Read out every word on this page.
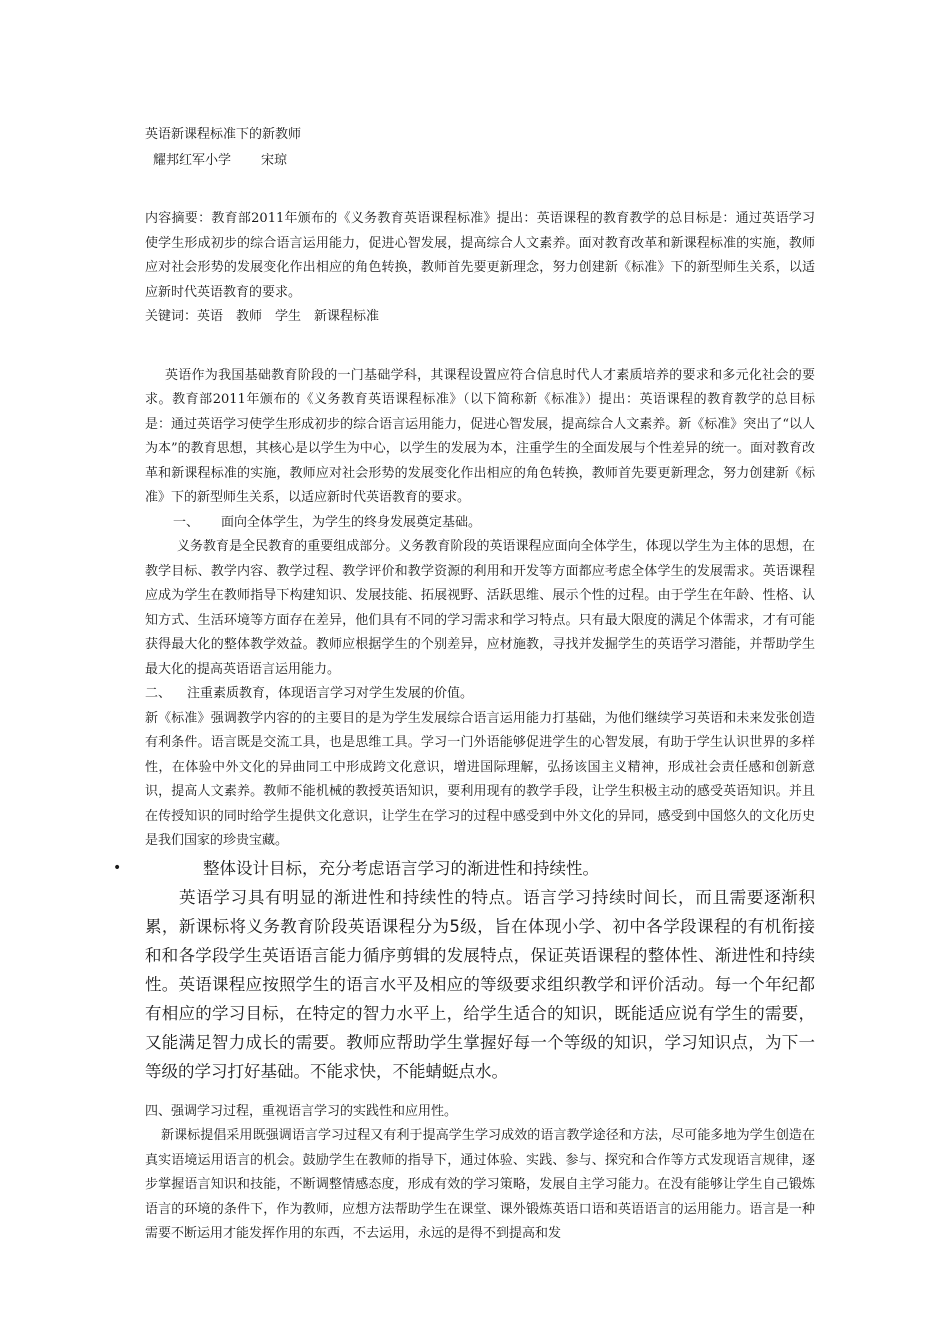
英语新课程标准下的新教师

耀邦红军小学 宋琼

内容摘要：教育部2011年颁布的《义务教育英语课程标准》提出：英语课程的教育教学的总目标是：通过英语学习使学生形成初步的综合语言运用能力，促进心智发展，提高综合人文素养。面对教育改革和新课程标准的实施，教师应对社会形势的发展变化作出相应的角色转换，教师首先要更新理念，努力创建新《标准》下的新型师生关系，以适应新时代英语教育的要求。

关键词：英语　教师　学生　新课程标准

英语作为我国基础教育阶段的一门基础学科，其课程设置应符合信息时代人才素质培养的要求和多元化社会的要求。教育部2011年颁布的《义务教育英语课程标准》（以下简称新《标准》）提出：英语课程的教育教学的总目标是：通过英语学习使学生形成初步的综合语言运用能力，促进心智发展，提高综合人文素养。新《标准》突出了“以人为本”的教育思想，其核心是以学生为中心，以学生的发展为本，注重学生的全面发展与个性差异的统一。面对教育改革和新课程标准的实施，教师应对社会形势的发展变化作出相应的角色转换，教师首先要更新理念，努力创建新《标准》下的新型师生关系，以适应新时代英语教育的要求。

一、 面向全体学生，为学生的终身发展奠定基础。

义务教育是全民教育的重要组成部分。义务教育阶段的英语课程应面向全体学生，体现以学生为主体的思想，在教学目标、教学内容、教学过程、教学评价和教学资源的利用和开发等方面都应考虑全体学生的发展需求。英语课程应成为学生在教师指导下构建知识、发展技能、拓展视野、活跃思维、展示个性的过程。由于学生在年龄、性格、认知方式、生活环境等方面存在差异，他们具有不同的学习需求和学习特点。只有最大限度的满足个体需求，才有可能获得最大化的整体教学效益。教师应根据学生的个别差异，应材施教，寻找并发掘学生的英语学习潜能，并帮助学生最大化的提高英语语言运用能力。

二、 注重素质教育，体现语言学习对学生发展的价值。

新《标准》强调教学内容的的主要目的是为学生发展综合语言运用能力打基础，为他们继续学习英语和未来发张创造有利条件。语言既是交流工具，也是思维工具。学习一门外语能够促进学生的心智发展，有助于学生认识世界的多样性，在体验中外文化的异曲同工中形成跨文化意识，增进国际理解，弘扬该国主义精神，形成社会责任感和创新意识，提高人文素养。教师不能机械的教授英语知识，要利用现有的教学手段，让学生积极主动的感受英语知识。并且在传授知识的同时给学生提供文化意识，让学生在学习的过程中感受到中外文化的异同，感受到中国悠久的文化历史是我们国家的珍贵宝藏。

•	整体设计目标，充分考虑语言学习的渐进性和持续性。

英语学习具有明显的渐进性和持续性的特点。语言学习持续时间长，而且需要逐渐积累，新课标将义务教育阶段英语课程分为5级，旨在体现小学、初中各学段课程的有机衔接和和各学段学生英语语言能力循序剪辑的发展特点，保证英语课程的整体性、渐进性和持续性。英语课程应按照学生的语言水平及相应的等级要求组织教学和评价活动。每一个年纪都有相应的学习目标，在特定的智力水平上，给学生适合的知识，既能适应说有学生的需要，又能满足智力成长的需要。教师应帮助学生掌握好每一个等级的知识，学习知识点，为下一等级的学习打好基础。不能求快，不能蜻蜓点水。

四、强调学习过程，重视语言学习的实践性和应用性。

新课标提倡采用既强调语言学习过程又有利于提高学生学习成效的语言教学途径和方法，尽可能多地为学生创造在真实语境运用语言的机会。鼓励学生在教师的指导下，通过体验、实践、参与、探究和合作等方式发现语言规律，逐步掌握语言知识和技能，不断调整情感态度，形成有效的学习策略，发展自主学习能力。在没有能够让学生自己锻炼语言的环境的条件下，作为教师，应想方法帮助学生在课堂、课外锻炼英语口语和英语语言的运用能力。语言是一种需要不断运用才能发挥作用的东西，不去运用，永远的是得不到提高和发
